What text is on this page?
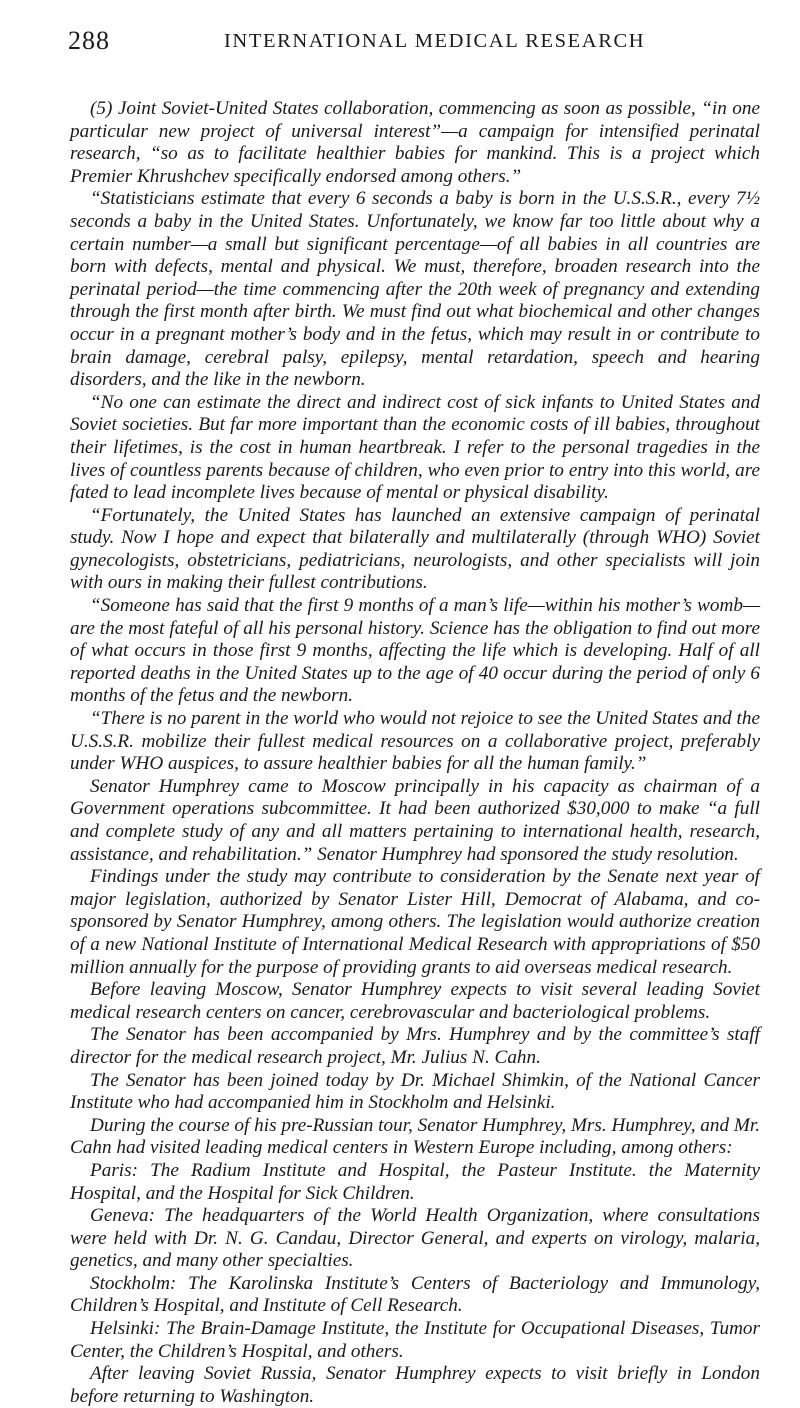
288	INTERNATIONAL MEDICAL RESEARCH

(5) Joint Soviet-United States collaboration, commencing as soon as possible, “in one particular new project of universal interest”—a campaign for intensified perinatal research, “so as to facilitate healthier babies for mankind. This is a project which Premier Khrushchev specifically endorsed among others.”

“Statisticians estimate that every 6 seconds a baby is born in the U.S.S.R., every 7½ seconds a baby in the United States. Unfortunately, we know far too little about why a certain number—a small but significant percentage—of all babies in all countries are born with defects, mental and physical. We must, therefore, broaden research into the perinatal period—the time commencing after the 20th week of pregnancy and extending through the first month after birth. We must find out what biochemical and other changes occur in a pregnant mother’s body and in the fetus, which may result in or contribute to brain damage, cerebral palsy, epilepsy, mental retardation, speech and hearing disorders, and the like in the newborn.

“No one can estimate the direct and indirect cost of sick infants to United States and Soviet societies. But far more important than the economic costs of ill babies, throughout their lifetimes, is the cost in human heartbreak. I refer to the personal tragedies in the lives of countless parents because of children, who even prior to entry into this world, are fated to lead incomplete lives because of mental or physical disability.

“Fortunately, the United States has launched an extensive campaign of perinatal study. Now I hope and expect that bilaterally and multilaterally (through WHO) Soviet gynecologists, obstetricians, pediatricians, neurologists, and other specialists will join with ours in making their fullest contributions.

“Someone has said that the first 9 months of a man’s life—within his mother’s womb—are the most fateful of all his personal history. Science has the obligation to find out more of what occurs in those first 9 months, affecting the life which is developing. Half of all reported deaths in the United States up to the age of 40 occur during the period of only 6 months of the fetus and the newborn.

“There is no parent in the world who would not rejoice to see the United States and the U.S.S.R. mobilize their fullest medical resources on a collaborative project, preferably under WHO auspices, to assure healthier babies for all the human family.”

Senator Humphrey came to Moscow principally in his capacity as chairman of a Government operations subcommittee. It had been authorized $30,000 to make “a full and complete study of any and all matters pertaining to international health, research, assistance, and rehabilitation.” Senator Humphrey had sponsored the study resolution.

Findings under the study may contribute to consideration by the Senate next year of major legislation, authorized by Senator Lister Hill, Democrat of Alabama, and co-sponsored by Senator Humphrey, among others. The legislation would authorize creation of a new National Institute of International Medical Research with appropriations of $50 million annually for the purpose of providing grants to aid overseas medical research.

Before leaving Moscow, Senator Humphrey expects to visit several leading Soviet medical research centers on cancer, cerebrovascular and bacteriological problems.

The Senator has been accompanied by Mrs. Humphrey and by the committee’s staff director for the medical research project, Mr. Julius N. Cahn.

The Senator has been joined today by Dr. Michael Shimkin, of the National Cancer Institute who had accompanied him in Stockholm and Helsinki.

During the course of his pre-Russian tour, Senator Humphrey, Mrs. Humphrey, and Mr. Cahn had visited leading medical centers in Western Europe including, among others:

Paris: The Radium Institute and Hospital, the Pasteur Institute. the Maternity Hospital, and the Hospital for Sick Children.

Geneva: The headquarters of the World Health Organization, where consultations were held with Dr. N. G. Candau, Director General, and experts on virology, malaria, genetics, and many other specialties.

Stockholm: The Karolinska Institute’s Centers of Bacteriology and Immunology, Children’s Hospital, and Institute of Cell Research.

Helsinki: The Brain-Damage Institute, the Institute for Occupational Diseases, Tumor Center, the Children’s Hospital, and others.

After leaving Soviet Russia, Senator Humphrey expects to visit briefly in London before returning to Washington.
